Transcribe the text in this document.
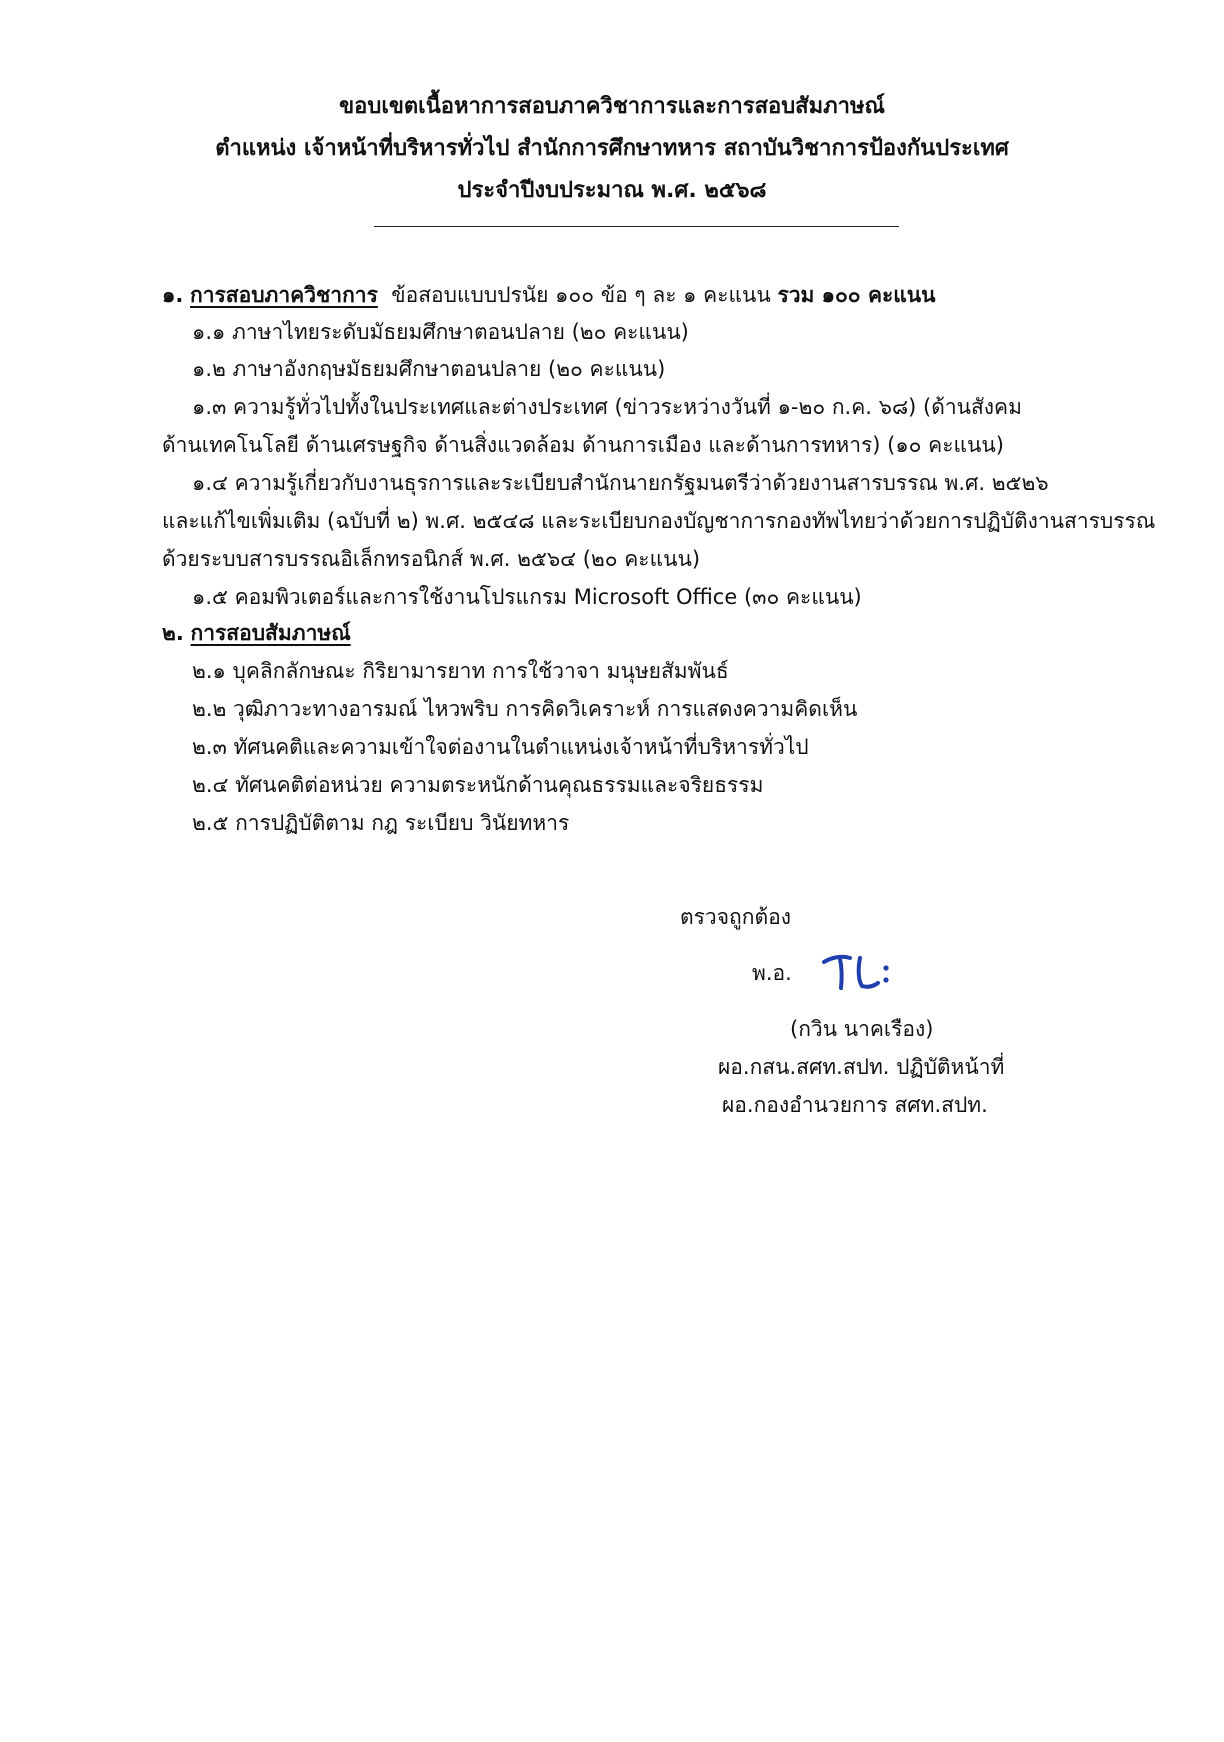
ขอบเขตเนื้อหาการสอบภาควิชาการและการสอบสัมภาษณ์
ตำแหน่ง เจ้าหน้าที่บริหารทั่วไป สำนักการศึกษาทหาร สถาบันวิชาการป้องกันประเทศ
ประจำปีงบประมาณ พ.ศ. ๒๕๖๘
๑. การสอบภาควิชาการ ข้อสอบแบบปรนัย ๑๐๐ ข้อ ๆ ละ ๑ คะแนน รวม ๑๐๐ คะแนน
๑.๑ ภาษาไทยระดับมัธยมศึกษาตอนปลาย (๒๐ คะแนน)
๑.๒ ภาษาอังกฤษมัธยมศึกษาตอนปลาย (๒๐ คะแนน)
๑.๓ ความรู้ทั่วไปทั้งในประเทศและต่างประเทศ (ข่าวระหว่างวันที่ ๑-๒๐ ก.ค. ๖๘) (ด้านสังคม
ด้านเทคโนโลยี ด้านเศรษฐกิจ ด้านสิ่งแวดล้อม ด้านการเมือง และด้านการทหาร) (๑๐ คะแนน)
๑.๔ ความรู้เกี่ยวกับงานธุรการและระเบียบสำนักนายกรัฐมนตรีว่าด้วยงานสารบรรณ พ.ศ. ๒๕๒๖
และแก้ไขเพิ่มเติม (ฉบับที่ ๒) พ.ศ. ๒๕๔๘ และระเบียบกองบัญชาการกองทัพไทยว่าด้วยการปฏิบัติงานสารบรรณ
ด้วยระบบสารบรรณอิเล็กทรอนิกส์ พ.ศ. ๒๕๖๔ (๒๐ คะแนน)
๑.๕ คอมพิวเตอร์และการใช้งานโปรแกรม Microsoft Office (๓๐ คะแนน)
๒. การสอบสัมภาษณ์
๒.๑ บุคลิกลักษณะ กิริยามารยาท การใช้วาจา มนุษยสัมพันธ์
๒.๒ วุฒิภาวะทางอารมณ์ ไหวพริบ การคิดวิเคราะห์ การแสดงความคิดเห็น
๒.๓ ทัศนคติและความเข้าใจต่องานในตำแหน่งเจ้าหน้าที่บริหารทั่วไป
๒.๔ ทัศนคติต่อหน่วย ความตระหนักด้านคุณธรรมและจริยธรรม
๒.๕ การปฏิบัติตาม กฎ ระเบียบ วินัยทหาร
ตรวจถูกต้อง
พ.อ.
(กวิน นาคเรือง)
ผอ.กสน.สศท.สปท. ปฏิบัติหน้าที่
ผอ.กองอำนวยการ สศท.สปท.
